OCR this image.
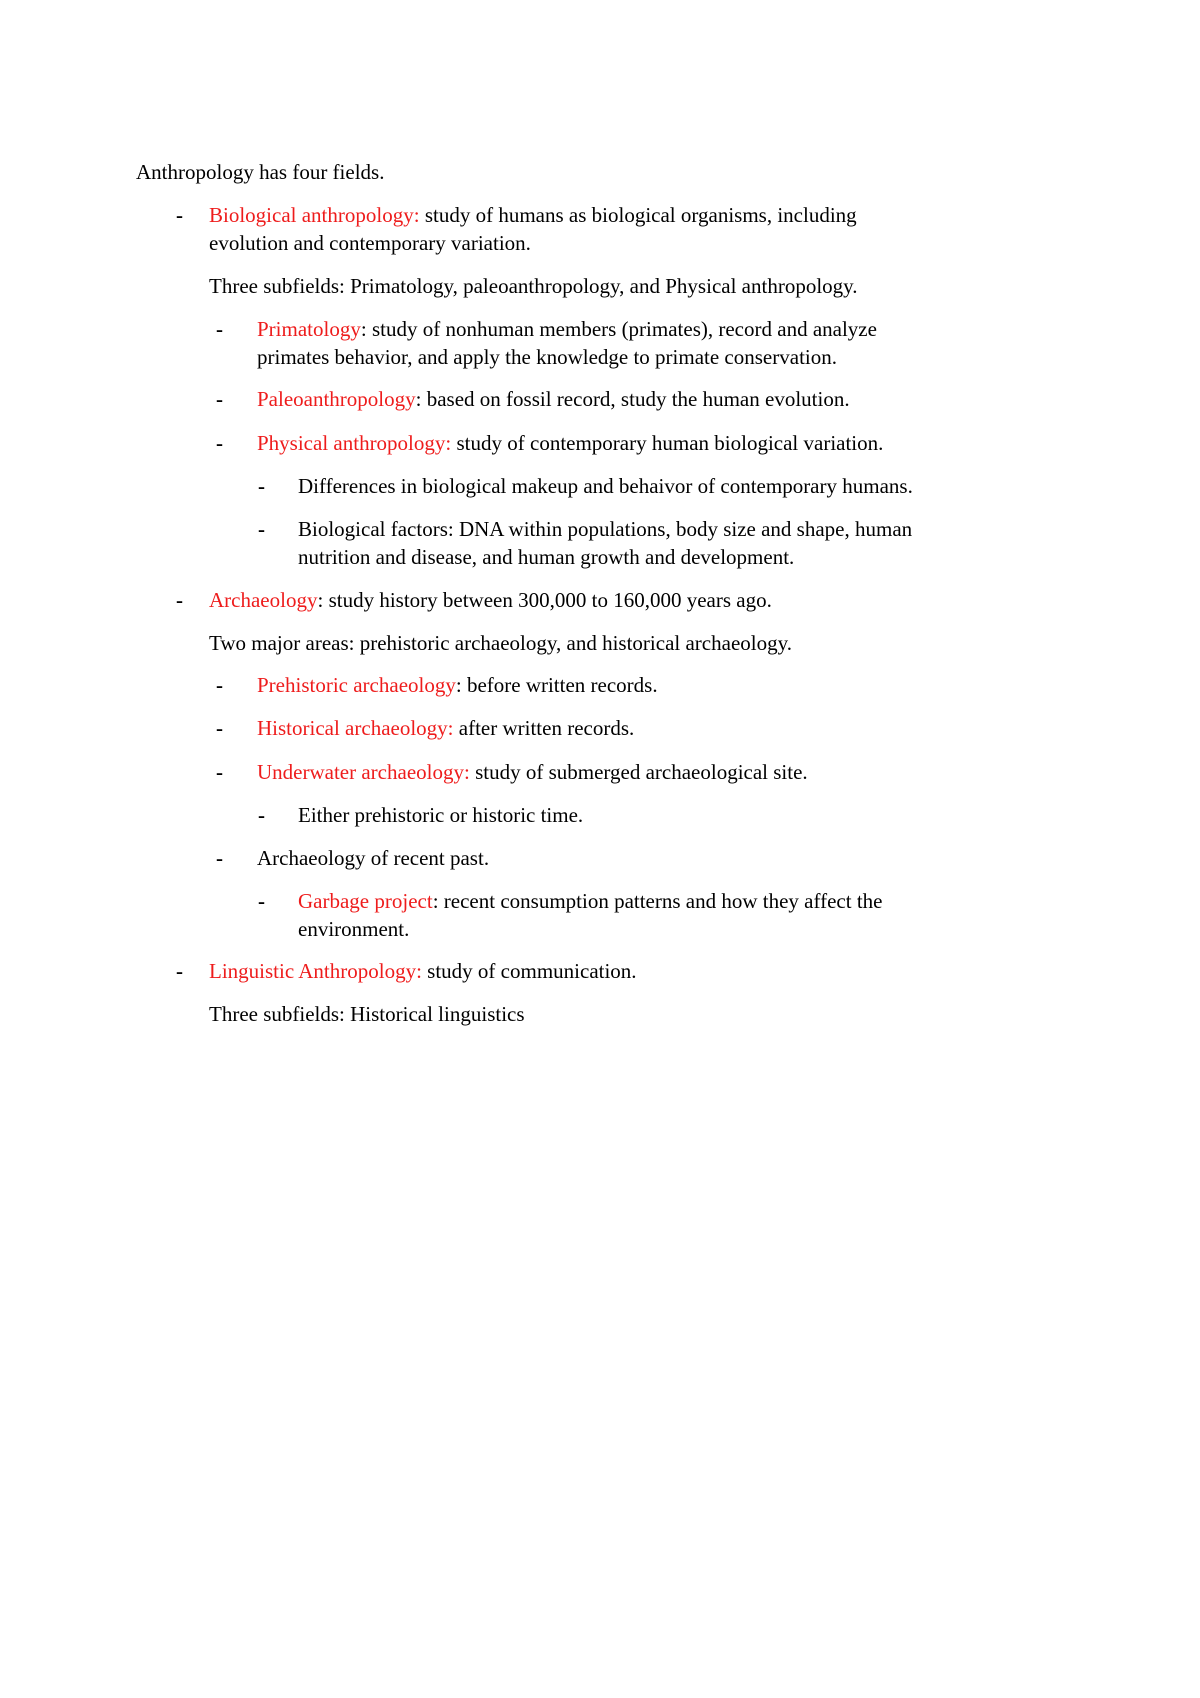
Anthropology has four fields.
- Biological anthropology: study of humans as biological organisms, including
evolution and contemporary variation.
Three subfields: Primatology, paleoanthropology, and Physical anthropology.
- Primatology: study of nonhuman members (primates), record and analyze
primates behavior, and apply the knowledge to primate conservation.
- Paleoanthropology: based on fossil record, study the human evolution.
- Physical anthropology: study of contemporary human biological variation.
- Differences in biological makeup and behaivor of contemporary humans.
- Biological factors: DNA within populations, body size and shape, human
nutrition and disease, and human growth and development.
- Archaeology: study history between 300,000 to 160,000 years ago.
Two major areas: prehistoric archaeology, and historical archaeology.
- Prehistoric archaeology: before written records.
- Historical archaeology: after written records.
- Underwater archaeology: study of submerged archaeological site.
- Either prehistoric or historic time.
- Archaeology of recent past.
- Garbage project: recent consumption patterns and how they affect the
environment.
- Linguistic Anthropology: study of communication.
Three subfields: Historical linguistics
